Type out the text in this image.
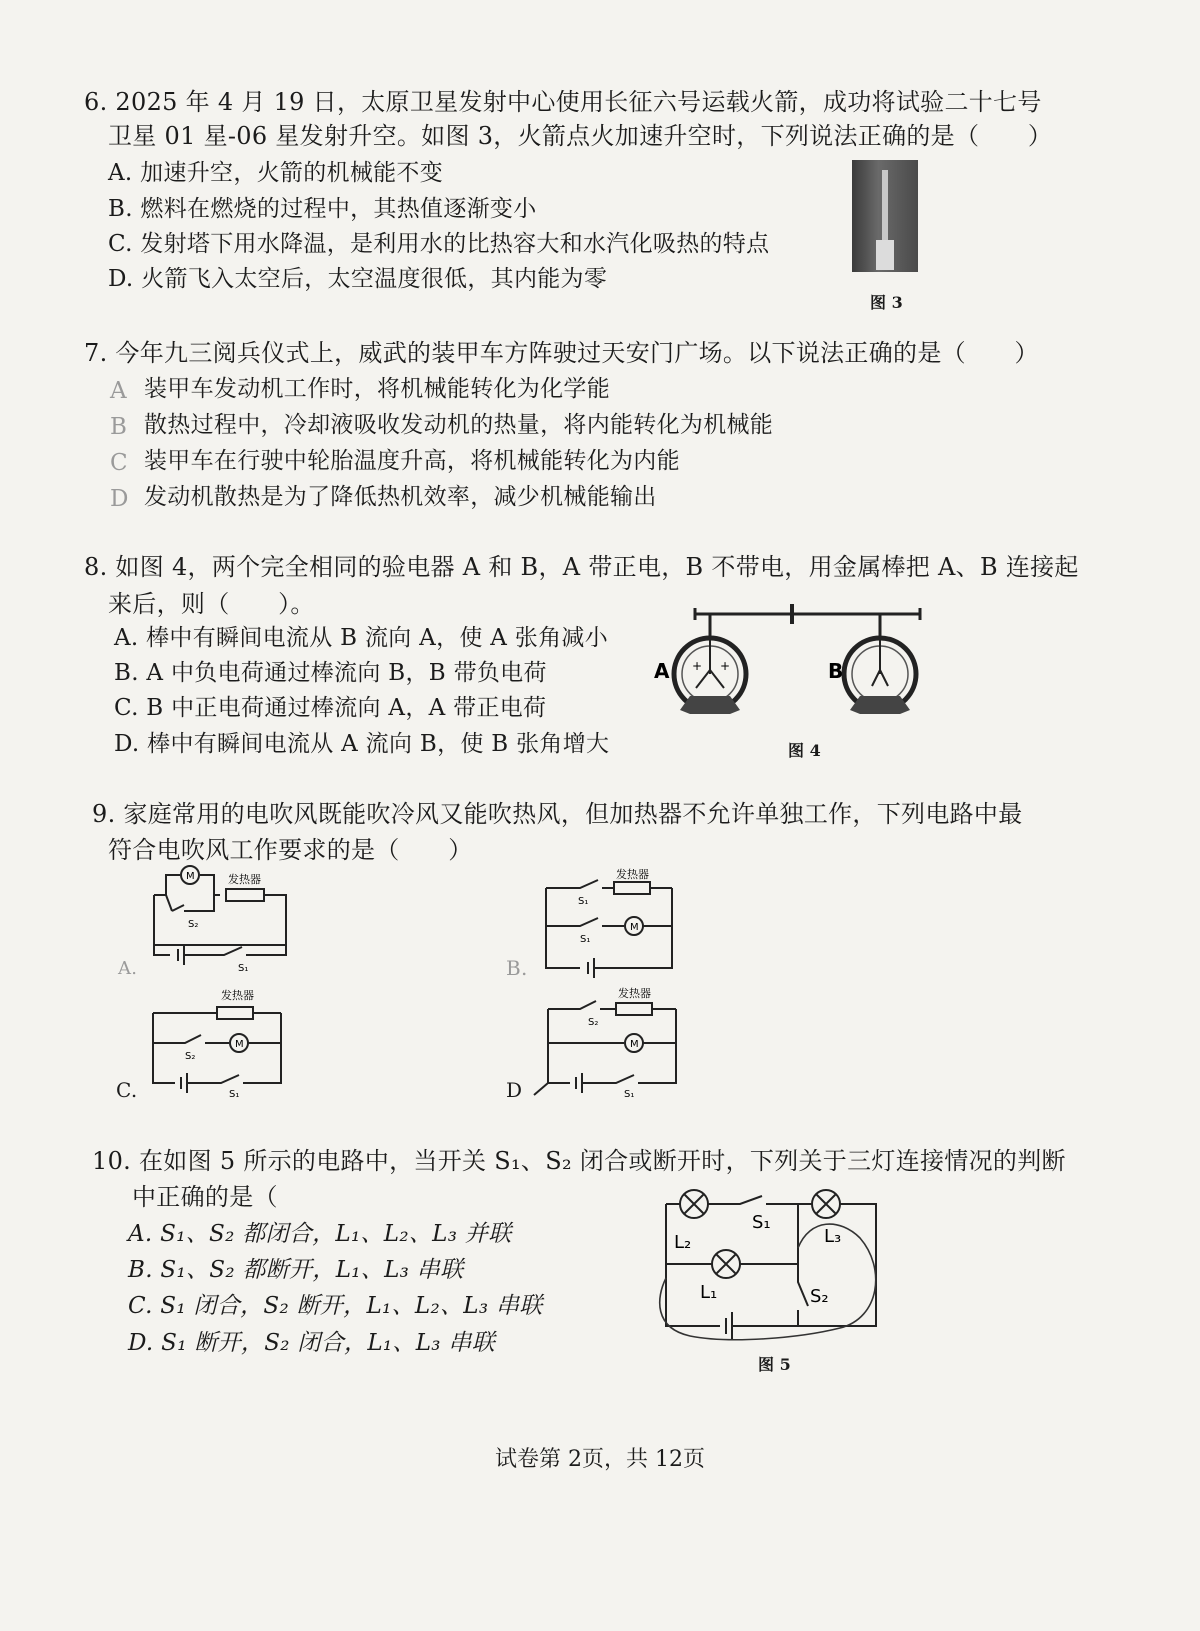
6. 2025 年 4 月 19 日，太原卫星发射中心使用长征六号运载火箭，成功将试验二十七号
卫星 01 星-06 星发射升空。如图 3，火箭点火加速升空时，下列说法正确的是（　　）
A. 加速升空，火箭的机械能不变
B. 燃料在燃烧的过程中，其热值逐渐变小
C. 发射塔下用水降温，是利用水的比热容大和水汽化吸热的特点
D. 火箭飞入太空后，太空温度很低，其内能为零
图 3
7. 今年九三阅兵仪式上，威武的装甲车方阵驶过天安门广场。以下说法正确的是（　　）
A 装甲车发动机工作时，将机械能转化为化学能
B 散热过程中，冷却液吸收发动机的热量，将内能转化为机械能
C 装甲车在行驶中轮胎温度升高，将机械能转化为内能
D 发动机散热是为了降低热机效率，减少机械能输出
8. 如图 4，两个完全相同的验电器 A 和 B，A 带正电，B 不带电，用金属棒把 A、B 连接起
来后，则（　　）。
A. 棒中有瞬间电流从 B 流向 A，使 A 张角减小
B. A 中负电荷通过棒流向 B，B 带负电荷
C. B 中正电荷通过棒流向 A，A 带正电荷
D. 棒中有瞬间电流从 A 流向 B，使 B 张角增大
+ +
A	B
图 4
9. 家庭常用的电吹风既能吹冷风又能吹热风，但加热器不允许单独工作，下列电路中最
符合电吹风工作要求的是（　　）
M	发热器
S₂
S₁
A.
发热器
S₁
S₁
M
B.
发热器
S₂
M
S₁
C.
发热器
S₂
M
S₁
D
10. 在如图 5 所示的电路中，当开关 S₁、S₂ 闭合或断开时，下列关于三灯连接情况的判断
中正确的是（
A. S₁、S₂ 都闭合，L₁、L₂、L₃ 并联
B. S₁、S₂ 都断开，L₁、L₃ 串联
C. S₁ 闭合，S₂ 断开，L₁、L₂、L₃ 串联
D. S₁ 断开，S₂ 闭合，L₁、L₃ 串联
L₂
L₁
S₁
L₃
S₂
图 5
试卷第 2页，共 12页
